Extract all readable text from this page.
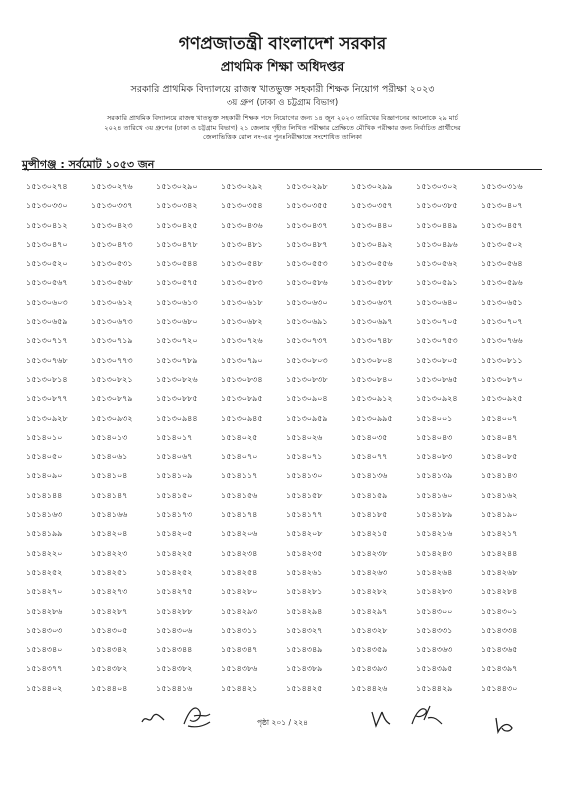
গণপ্রজাতন্ত্রী বাংলাদেশ সরকার
প্রাথমিক শিক্ষা অধিদপ্তর
সরকারি প্রাথমিক বিদ্যালয়ে রাজস্ব খাতভুক্ত সহকারী শিক্ষক নিয়োগ পরীক্ষা ২০২৩
৩য় গ্রুপ (ঢাকা ও চট্টগ্রাম বিভাগ)
সরকারি প্রাথমিক বিদ্যালয়ে রাজস্ব খাতভুক্ত সহকারী শিক্ষক পদে নিয়োগের জন্য ১৪ জুন ২০২৩ তারিখের বিজ্ঞাপনের আলোকে ২৯ মার্চ
২০২৪ তারিখে ৩য় গ্রুপের (ঢাকা ও চট্টগ্রাম বিভাগ) ২১ জেলায় গৃহীত লিখিত পরীক্ষার প্রেক্ষিতে মৌখিক পরীক্ষার জন্য নির্বাচিত প্রার্থীদের
জেলাভিত্তিক রোল নং-এর পুনঃনিরীক্ষান্তে সংশোধিত তালিকা
মুন্সীগঞ্জ : সর্বমোট ১০৫৩ জন
১৫১৩০২৭৪	১৫১৩০২৭৬	১৫১৩০২৯০	১৫১৩০২৯২	১৫১৩০২৯৮	১৫১৩০২৯৯	১৫১৩০৩০২	১৫১৩০৩১৬
১৫১৩০৩৩০	১৫১৩০৩৩৭	১৫১৩০৩৪২	১৫১৩০৩৫৪	১৫১৩০৩৫৫	১৫১৩০৩৫৭	১৫১৩০৩৮৫	১৫১৩০৪০৭
১৫১৩০৪১২	১৫১৩০৪২৩	১৫১৩০৪২৫	১৫১৩০৪৩৬	১৫১৩০৪৩৭	১৫১৩০৪৪০	১৫১৩০৪৪৯	১৫১৩০৪৫৭
১৫১৩০৪৭০	১৫১৩০৪৭৩	১৫১৩০৪৭৮	১৫১৩০৪৮১	১৫১৩০৪৮৭	১৫১৩০৪৯২	১৫১৩০৪৯৬	১৫১৩০৫০২
১৫১৩০৫২০	১৫১৩০৫৩১	১৫১৩০৫৪৪	১৫১৩০৫৪৮	১৫১৩০৫৫৩	১৫১৩০৫৫৬	১৫১৩০৫৬২	১৫১৩০৫৬৪
১৫১৩০৫৬৭	১৫১৩০৫৬৮	১৫১৩০৫৭৫	১৫১৩০৫৮৩	১৫১৩০৫৮৬	১৫১৩০৫৮৮	১৫১৩০৫৯১	১৫১৩০৫৯৬
১৫১৩০৬০৩	১৫১৩০৬১২	১৫১৩০৬১৩	১৫১৩০৬১৮	১৫১৩০৬৩০	১৫১৩০৬৩৭	১৫১৩০৬৪০	১৫১৩০৬৫১
১৫১৩০৬৫৯	১৫১৩০৬৭৩	১৫১৩০৬৮০	১৫১৩০৬৮২	১৫১৩০৬৯১	১৫১৩০৬৯৭	১৫১৩০৭০৫	১৫১৩০৭০৭
১৫১৩০৭১৭	১৫১৩০৭১৯	১৫১৩০৭২০	১৫১৩০৭২৬	১৫১৩০৭৩৭	১৫১৩০৭৪৮	১৫১৩০৭৫৩	১৫১৩০৭৬৬
১৫১৩০৭৬৮	১৫১৩০৭৭৩	১৫১৩০৭৮৯	১৫১৩০৭৯০	১৫১৩০৮০৩	১৫১৩০৮০৪	১৫১৩০৮০৫	১৫১৩০৮১১
১৫১৩০৮১৪	১৫১৩০৮২১	১৫১৩০৮২৬	১৫১৩০৮৩৪	১৫১৩০৮৩৮	১৫১৩০৮৪০	১৫১৩০৮৬৫	১৫১৩০৮৭০
১৫১৩০৮৭৭	১৫১৩০৮৭৯	১৫১৩০৮৮৫	১৫১৩০৮৯৫	১৫১৩০৯০৪	১৫১৩০৯১২	১৫১৩০৯২৪	১৫১৩০৯২৫
১৫১৩০৯২৮	১৫১৩০৯৩২	১৫১৩০৯৪৪	১৫১৩০৯৪৫	১৫১৩০৯৫৯	১৫১৩০৯৯৫	১৫১৪০০১	১৫১৪০০৭
১৫১৪০১০	১৫১৪০১৩	১৫১৪০১৭	১৫১৪০২৫	১৫১৪০২৬	১৫১৪০৩৫	১৫১৪০৪৩	১৫১৪০৪৭
১৫১৪০৫০	১৫১৪০৬১	১৫১৪০৬৭	১৫১৪০৭০	১৫১৪০৭১	১৫১৪০৭৭	১৫১৪০৮৩	১৫১৪০৮৫
১৫১৪০৯০	১৫১৪১০৪	১৫১৪১০৯	১৫১৪১১৭	১৫১৪১৩০	১৫১৪১৩৬	১৫১৪১৩৯	১৫১৪১৪৩
১৫১৪১৪৪	১৫১৪১৪৭	১৫১৪১৫০	১৫১৪১৫৬	১৫১৪১৫৮	১৫১৪১৫৯	১৫১৪১৬০	১৫১৪১৬২
১৫১৪১৬৩	১৫১৪১৬৬	১৫১৪১৭৩	১৫১৪১৭৪	১৫১৪১৭৭	১৫১৪১৮৫	১৫১৪১৮৯	১৫১৪১৯০
১৫১৪১৯৯	১৫১৪২০৪	১৫১৪২০৫	১৫১৪২০৬	১৫১৪২০৮	১৫১৪২১৫	১৫১৪২১৬	১৫১৪২১৭
১৫১৪২২০	১৫১৪২২৩	১৫১৪২২৫	১৫১৪২৩৪	১৫১৪২৩৫	১৫১৪২৩৮	১৫১৪২৪৩	১৫১৪২৪৪
১৫১৪২৫২	১৫১৪২৫১	১৫১৪২৫২	১৫১৪২৫৪	১৫১৪২৬১	১৫১৪২৬৩	১৫১৪২৬৪	১৫১৪২৬৮
১৫১৪২৭০	১৫১৪২৭৩	১৫১৪২৭৫	১৫১৪২৮০	১৫১৪২৮১	১৫১৪২৮২	১৫১৪২৮৩	১৫১৪২৮৪
১৫১৪২৮৬	১৫১৪২৮৭	১৫১৪২৮৮	১৫১৪২৯৩	১৫১৪২৯৪	১৫১৪২৯৭	১৫১৪৩০০	১৫১৪৩০১
১৫১৪৩০৩	১৫১৪৩০৫	১৫১৪৩০৬	১৫১৪৩১১	১৫১৪৩২৭	১৫১৪৩২৮	১৫১৪৩৩১	১৫১৪৩৩৪
১৫১৪৩৪০	১৫১৪৩৪২	১৫১৪৩৪৪	১৫১৪৩৪৭	১৫১৪৩৪৯	১৫১৪৩৫৯	১৫১৪৩৬৩	১৫১৪৩৬৫
১৫১৪৩৭৭	১৫১৪৩৮২	১৫১৪৩৮২	১৫১৪৩৮৬	১৫১৪৩৮৯	১৫১৪৩৯৩	১৫১৪৩৯৫	১৫১৪৩৯৭
১৫১৪৪০২	১৫১৪৪০৪	১৫১৪৪১৬	১৫১৪৪২১	১৫১৪৪২৫	১৫১৪৪২৬	১৫১৪৪২৯	১৫১৪৪৩০
পৃষ্ঠা ২০১ / ২২৪
